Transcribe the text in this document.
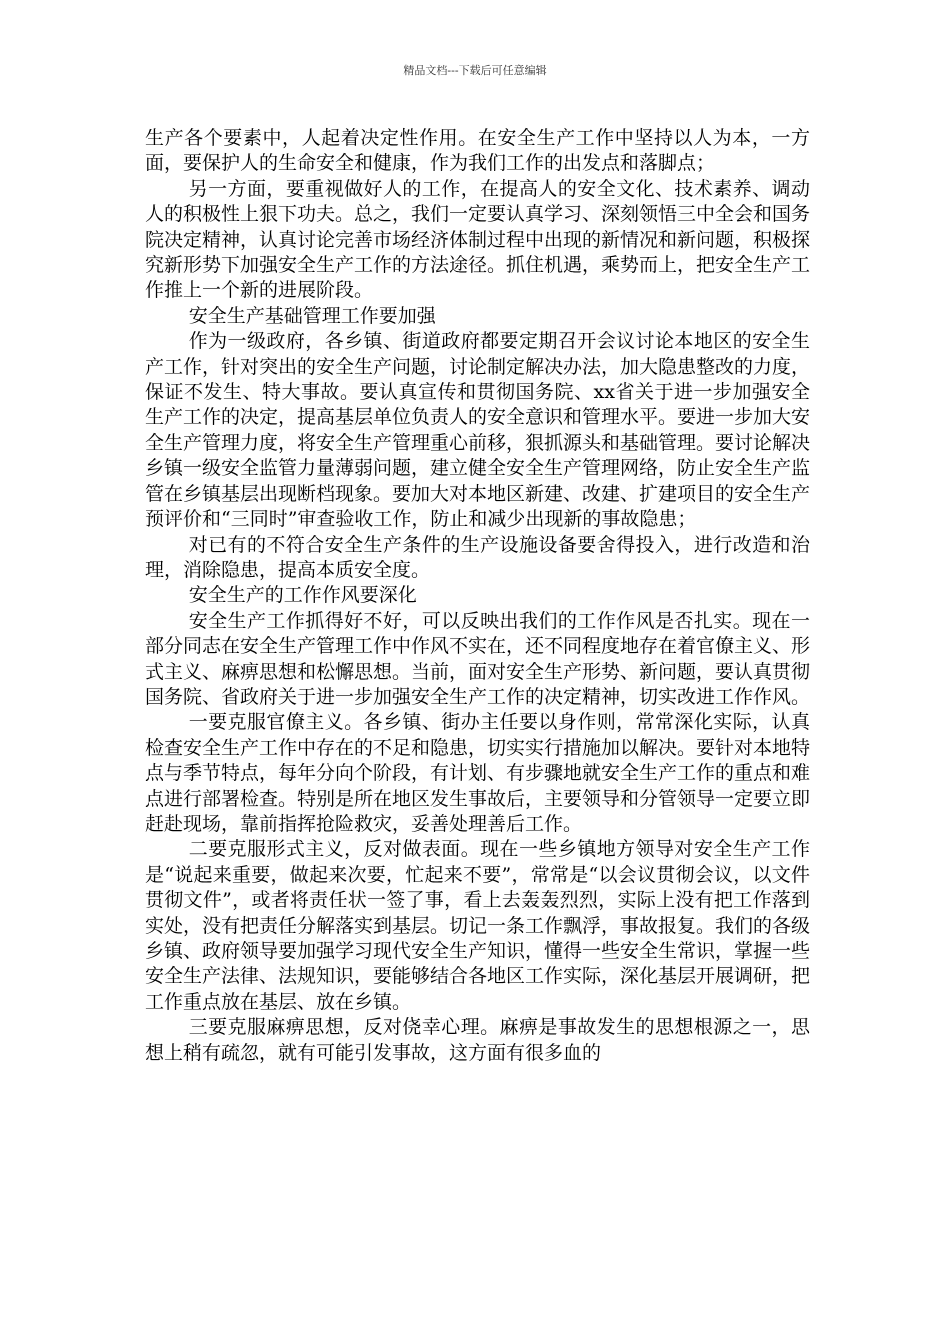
精品文档---下载后可任意编辑

生产各个要素中，人起着决定性作用。在安全生产工作中坚持以人为本，一方面，要保护人的生命安全和健康，作为我们工作的出发点和落脚点；

另一方面，要重视做好人的工作，在提高人的安全文化、技术素养、调动人的积极性上狠下功夫。总之，我们一定要认真学习、深刻领悟三中全会和国务院决定精神，认真讨论完善市场经济体制过程中出现的新情况和新问题，积极探究新形势下加强安全生产工作的方法途径。抓住机遇，乘势而上，把安全生产工作推上一个新的进展阶段。

安全生产基础管理工作要加强

作为一级政府，各乡镇、街道政府都要定期召开会议讨论本地区的安全生产工作，针对突出的安全生产问题，讨论制定解决办法，加大隐患整改的力度，保证不发生、特大事故。要认真宣传和贯彻国务院、xx省关于进一步加强安全生产工作的决定，提高基层单位负责人的安全意识和管理水平。要进一步加大安全生产管理力度，将安全生产管理重心前移，狠抓源头和基础管理。要讨论解决乡镇一级安全监管力量薄弱问题，建立健全安全生产管理网络，防止安全生产监管在乡镇基层出现断档现象。要加大对本地区新建、改建、扩建项目的安全生产预评价和“三同时”审查验收工作，防止和减少出现新的事故隐患；

对已有的不符合安全生产条件的生产设施设备要舍得投入，进行改造和治理，消除隐患，提高本质安全度。

安全生产的工作作风要深化

安全生产工作抓得好不好，可以反映出我们的工作作风是否扎实。现在一部分同志在安全生产管理工作中作风不实在，还不同程度地存在着官僚主义、形式主义、麻痹思想和松懈思想。当前，面对安全生产形势、新问题，要认真贯彻国务院、省政府关于进一步加强安全生产工作的决定精神，切实改进工作作风。

一要克服官僚主义。各乡镇、街办主任要以身作则，常常深化实际，认真检查安全生产工作中存在的不足和隐患，切实实行措施加以解决。要针对本地特点与季节特点，每年分向个阶段，有计划、有步骤地就安全生产工作的重点和难点进行部署检查。特别是所在地区发生事故后，主要领导和分管领导一定要立即赶赴现场，靠前指挥抢险救灾，妥善处理善后工作。

二要克服形式主义，反对做表面。现在一些乡镇地方领导对安全生产工作是“说起来重要，做起来次要，忙起来不要”，常常是“以会议贯彻会议，以文件贯彻文件”，或者将责任状一签了事，看上去轰轰烈烈，实际上没有把工作落到实处，没有把责任分解落实到基层。切记一条工作飘浮，事故报复。我们的各级乡镇、政府领导要加强学习现代安全生产知识，懂得一些安全生常识，掌握一些安全生产法律、法规知识，要能够结合各地区工作实际，深化基层开展调研，把工作重点放在基层、放在乡镇。

三要克服麻痹思想，反对侥幸心理。麻痹是事故发生的思想根源之一，思想上稍有疏忽，就有可能引发事故，这方面有很多血的
